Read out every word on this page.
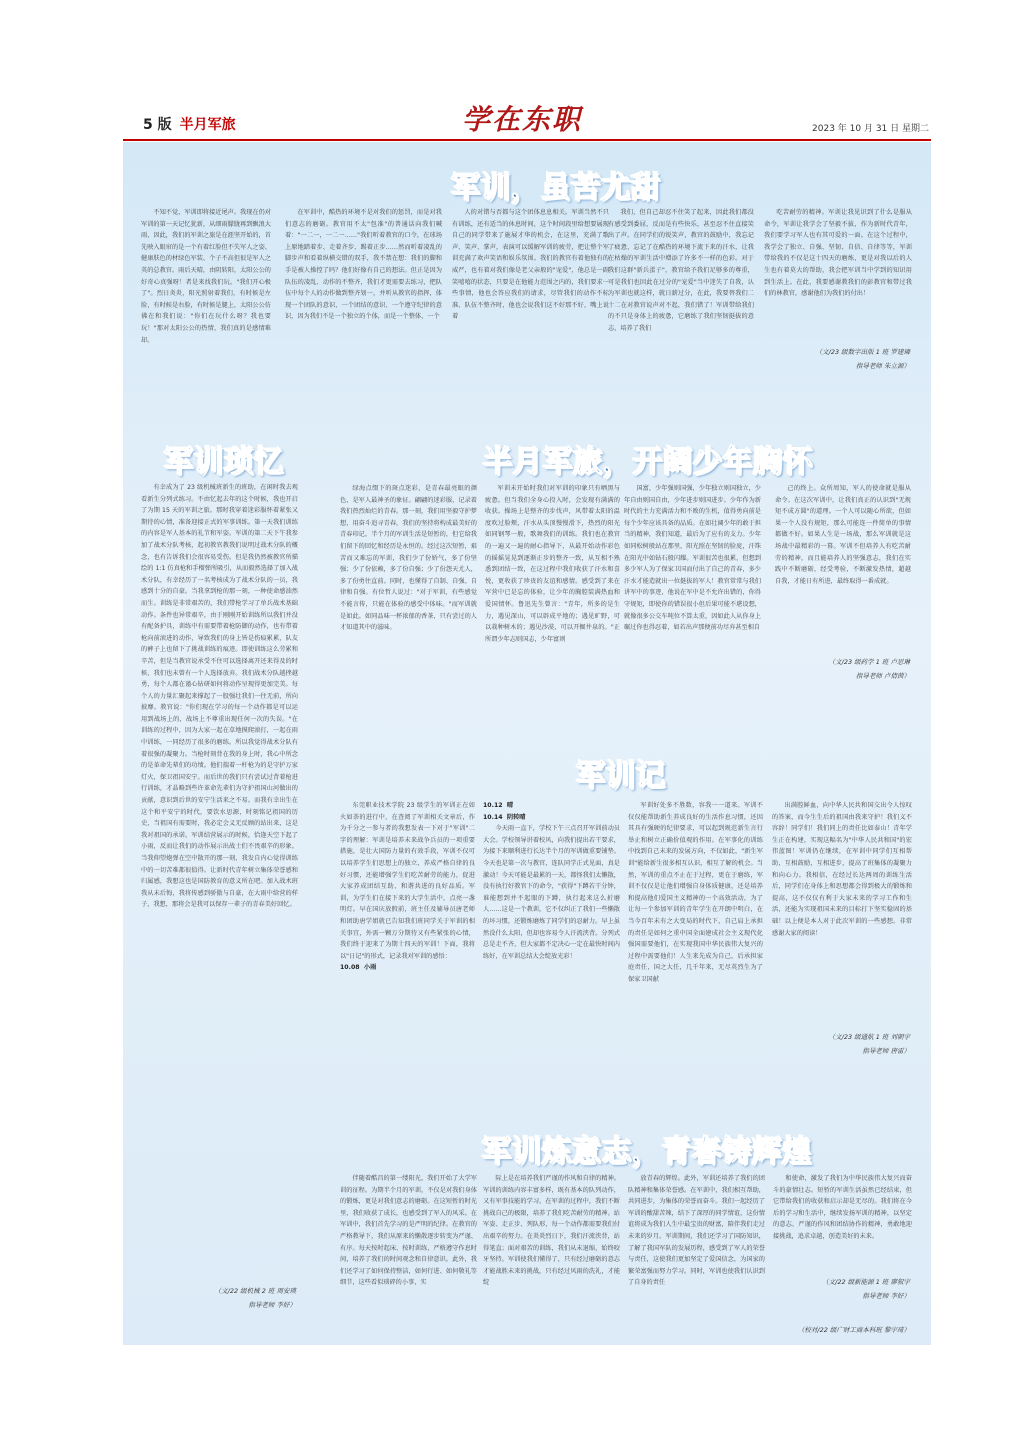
5 版 半月军旅	学在东职	2023 年 10 月 31 日 星期二
军训，虽苦尤甜

不知不觉，军训即将接近尾声。我现在仍对军训的第一天记忆犹新，从细雨朦胧再到飘浪大雨，因此，我们的军训之旅是在涯坚开始的，首先映入眼帘的是一个有着红脸但不失军人之姿、健康肤色的材绿色军装、个子不高但很是军人之英的总教官。雨后天晴，由阴转阳，太阳公公的好奇心真强呀！者是来找我们玩。"我们开心极了"。烈日炎炎，阳光照射着我们，有时候是左脸，有时候是右脸，有时候是腿上，太阳公公仿佛在和我们说："你们在玩什么呀？我也要玩！"那对太阳公公的热情，我们真的是感情难却。

在军训中，酷热的环境不是对我们的惩罚，而是对我们意志的磨砺。教官用不太"包准"的普通话向我们喊着："一二一，一二一……"我们听着教官的口令，在球场上原地踏着步、走着齐步、踢着正步……然而听着凌乱的脚步声和看着纵横交错的双手，我不禁在想：我们的脚和手是被人操控了吗？他们好像有自己的想法。但正是因为队伍的凌乱、动作的不整齐，我们才更需要去练习，把队伍中每个人的动作做到整齐划一，并听从教官的指挥，体现一个团队的意识、一个团结的意识、一个遵守纪律的意识，因为我们不是一个独立的个体，而是一个整体，一个

人的对错与否都与这个团体息息相关。军训当然不只有训练，还有适当的休息时间，这个时间段里给想要展现自己的同学带来了施展才华的机会，在这里，充满了歌声、笑声、掌声，表演可以缓解军训的疲劳，把让整个军训充满了欢声笑语和娱乐氛围。我们的教官有着他独有的威严，也有着对我们像是老父亲般的"宠爱"，他总是一副笑嘻嘻的状态，只要是在他能力范围之内的，我们要求一些事情，他也会答应我们的请求，尽管我们的动作不标准、队伍不整齐时，他也会说我们这不好那不好，嘴上说着

我们，但自己却忍不住笑了起来，因此我们都没有感受到委屈，反而是有些快乐，甚至忍不住直接笑出了声。在同学们的锐笑声，教官的鼓励中，我忘记了疲惫，忘记了在酷热的环境下流下来的汗水，让我在枯燥的军训生活中增添了许多不一样的色彩。对于我们这群"新兵蛋子"，教官给予我们足够多的尊重，可是我们也因此在过分的"宠爱"当中迷失了自我，认为军训也就这样，就日薪过分，在此，我要替我们二十二在对教官说声对不起，我们错了！军训带给我们的不只是身体上的疲惫，它磨练了我们坚韧挺拔的意志，培养了我们

吃苦耐劳的精神。军训让我见识到了什么是服从命令，军训让我学会了坚毅不拔，作为新时代青年，我们要学习军人也有其可爱的一面。在这个过程中，我学会了独立、自强、坚韧、自信、自律等等，军训带给我的不仅是这十四天的磨炼，更是对我以后的人生也有着莫大的帮助，我会把军训当中学到的知识用到生活上。在此，我要感谢教我们的彭教官和带过我们的林教官，感谢他们为我们的付出！

（文/23 级数字出版 1 班 罗建璘
指导老师 朱立源）
军训琐忆

有幸成为了 23 级机械班新生的班助，在闲时我去观看新生分列式练习。不由忆起去年的这个时候，我也开启了为期 15 天的军训之旅。那时我穿着迷彩服怀着紧张又期待的心情，准备迎接正式的军事训练。第一天我们训练的内容是军人基本的礼节和军姿。军训的第二天下午我参加了战术分队考核，起初教官教我们说明过战术分队的概念，也有告诉我们会很容易受伤。但是我仍然被教官所描绘的 1:1 仿真枪和手榴弹所吸引，从而毅然选择了加入战术分队，有幸经历了一名考核成为了战术分队的一员，我感到十分的自豪。当我拿到枪的那一刻，一种使命感油然而生。训练是非常艰苦的，我们带枪学习了单兵战术基础动作。条件也异常艰辛，由于刚刚开始训练所以我们并没有配备护具，训练中有需要带着枪防御的动作，也有带着枪向前滚进的动作，导致我们的身上皆是伤痕累累，队友的裤子上也留下了挑战训练的痕迹。即使训练这么劳累和辛苦，但是当教官说承受不住可以选择离开还来得及的时候，我们也未曾有一个人选择放弃。我们战术分队越挫越勇，每个人都在谨心钻研如何将动作呈现得更加完美。每个人的力量汇聚起来撑起了一股强壮我们一往无前，所向披靡。教官说："你们现在学习的每一个动作都是可以运用到战场上的，战场上不尊重出现任何一次的失误。"在训练的过程中，因为大家一起在草地摸爬滚打，一起在雨中训练，一同经历了很多的磨练。所以我觉得战术分队有着很强的凝聚力。当枪时刻背在我的身上时，我心中所念的是革命先辈们的功绩。他们揣着一杆枪为的是守护万家灯火，保卫祖国安宁。而后世的我们只有尝试过背着枪进行训练，才晶略到些许革命先辈们为守护祖国山河做出的贡献，意识到后世的安宁生活来之不易。而我有幸出生在这个和平安宁的时代，要饮水思源，时刻铭记祖国的历史，当祖国有需要时，我必定会义无反顾的站出来，这是我对祖国的承诺。军训结营展示的时候，恰逢天空下起了小雨，反而让我们的动作展示出战士们不畏艰辛的形象。当我仰望炮弹在空中散开的那一刻，我发自内心觉得训练中的一切苦难都很值得。让新时代青年树立集体荣誉感和归属感，我想这也是国防教育的意义所在吧。加入战术班我从未后悔，我将传感到骄傲与自豪，在大雨中给营的样子，我想，那将会是我可以保存一辈子的青春美好回忆。

（文/22 级机械 2 班 周安瑛
指导老师 李好）
半月军旅，开阔少年胸怀

绿海点缀下的斑点迷彩，是青春最亮眼的颜色，是军人最神圣的象征。翩翩的迷彩服，记录着我们热烈灿烂的青春。那一刻，我们用坚毅守护梦想，用奋斗追寻青春，我们的坚持将构成最美好的青春印记。半个月的军训生活是短暂的，但它给我们留下的回忆和经历是永恒的。经过这次短暂，艰苦而又难忘的军训，我们少了份娇气，多了份坚强；少了份依赖，多了份自强；少了份怨天尤人，多了份勇往直前。同时，也懂得了自制、自强、自律和自强。有位哲人说过："对于军训，有些感觉不能言传，只能在体验的感受中体味。"而军训就是如此。如同品味一杯浓郁的香茶，只有尝过的人才知道其中的滋味。

军训未开始时我们对军训的印象只有晒黑与疲惫。但当我们全身心投入时，会发现有满满的收获。操场上是整齐的步伐声，风带着太阳的温度吹过脸颊，汗水从头顶慢慢滑下，热烈的阳光如同钢琴一般，歌舞我们的训练。我们也在教官的一遍又一遍的耐心指导下，从最开始动作彩色的摇摇晃晃到逐渐正步的整齐一致，从互相不熟悉到团结一致，在这过程中我们收获了汗水和喜悦，更收获了珍贵的友谊和感情。感受到了来在军营中已是忘的体验，让少年的胸腔装满热血和爱国情怀。鲁迅先生曾言："青年，所多的是生力，遇见深山，可以辟成平地的；遇见旷野，可以栽种树木的；遇见沙漠，可以开掘井泉的。"正所谓少年志则国志，少年富则

国富，少年强则国强，少年独立则国独立，少年自由则国自由，少年进步则国进步。少年作为新时代的主力充满活力和不败的生机，值得勇向前是每个少年应该具备的品质。在如壮阔少年的敢于担当的精神，我们知道，最后为了应有的支力。少年如同松树般站在那里，阳光照在坚韧的脸庞，汗珠在阳光中如钻石般闪耀。军训很苦也很累，但想到多少军人为了保家卫国而付出了自己的青春，多少汗水才能造就出一位挺拔的军人！教官常常与我们讲军中的事迹，他说在军中是不允许出错的，你得守规矩，即使你的错误很小但后果可能不堪设想，就像很多公交车吨位不算太重，因如此人从你身上碾过你也得忍着，如若出声那便前功尽弃甚至相自

己的终上。众所周知，军人的使命就是服从命令。在这次军训中，让我们真正的认识到"无规矩不成方圆"的道理。一个人可以随心所欲，但如果一个人没有规矩，那么可能连一件简单的事情都做不好。如果人生是一场战，那么军训就是这场战中最精彩的一幕。军训不但培养人有吃苦耐劳的精神，而且能培养人的坚强意志，我们在实践中不断磨砺，经受考验，不断激发热情，超越自我，才能日有所进，最终取得一番成就。

（文/23 级药学 1 班 卢思琳
指导老师 卢倩茵）
军训记

东莞职业技术学院 23 级学生的军训正在如火如荼的进行中，在查阅了军训相关文章后，作为千分之一参与者的我想发表一下对于"军训"二字的理解：军训是培养未来战争兵员的一项重要措施，是壮大国防力量的有效手段，军训不仅可以培养学生们思想上的独立，养成严格自律的良好习惯，还能增强学生们吃苦耐劳的能力，促进大家养成团结互助、和谐共进的良好品质。军训，为学生们在接下来的大学生活中，点亮一盏明灯。早在国庆放假前，班主任及辅导员唐老师和团助唐学姐就已告知我们班同学关于军训的相关事宜，外需一颗万分期待又有些紧张的心情，我们终于迎来了为期十四天的军训！下面，我将以"日记"的形式，记录我对军训的感悟：

10.08 小雨
10.12 晴
10.14 阴转晴

今天雨一直下，学校下午三点召开军训前动员大会。学校领导讲着校风，向我们提出若干要求，为接下来顺利进行长达半个月的军训做重要铺垫。今天也是第一次与教官，连队同学正式见面，真是激动！今天可能是最累的一天，都怪我们太懒散，没有执行好教官下的命令，"获得"下蹲若干分钟，谁能想到并不起眼的下蹲，执行起来这么折磨人……这是一个教训，它不仅纠正了我们一些懒散的坏习惯，还锻炼磨炼了同学们的忍耐力。早上虽然没什么太阳，但却也容易令人汗流浃背。分列式总是走不齐，但大家都不定决心一定在最快时间内练好，在军训总结大会绽放光彩！

军训好处多不胜数，容我一一道来。军训不仅仅能帮助新生养成良好的生活作息习惯，还因其具有强硬的纪律要求，可以起到规范新生言行举止和树立正确价值观的作用。在军事化的训练中找到自己未来的发展方向，不仅如此，"新生军训"能给新生很多相互认识，相互了解的机会。当然，军训的重点不止在于过程，更在于磨练，军训不仅仅是让他们增强自身体质健康，还是培养和提高他们爱国主义精神的一个高效活动，为了让每一个参加军训的青年学生在开朗中明白，在当今百年未有之大变局的时代下，自己肩上承担的责任是如何之重中国全面建成社会主义现代化强国需要他们，在实现我国中华民族伟大复兴的过程中需要他们！人生来先成为自己，后承担家庭责任，国之大任，几千年来，无尽英烈生为了保家卫国献

出满腔鲜血，向中华人民共和国交出令人惊叹的答案，而今生生后的祖国由我来守护！我们义不容辞！同学们！我们同上的责任比如泰山！青年学生正在构建，实现这幅名为"中华人民共和国"的宏伟蓝图！军训仍在继续，在军训中同学们互相帮助，互相鼓励，互相进步，提高了班集体的凝聚力和向心力。我相信，在经过长达两周的训练生活后，同学们在身体上和思想都会得到极大的锻炼和提高，这不仅仅有利于大家未来的学习工作和生活，还能为实现祖国未来的目标打下坚实稳固的基础！以上便是本人对于此次军训的一些感想。非常感谢大家的阅读！

（文/23 级通航 1 班 刘朝宇
指导老师 唐雷）
军训炼意志，青春铸辉煌

伴随着酷昌的第一缕阳光，我们开始了大学军训的征程。为期半个月的军训，不仅是对我们身体的锻炼，更是对我们意志的磨砺。在这短暂的时光里，我们收获了成长，也感受到了军人的风采。在军训中，我们首先学习的是严明的纪律。在教官的严格教导下，我们从原来的懒散逐步转变为严谨、有序。每天按时起床、按时训练，严格遵守作息时间，培养了我们的时间观念和自律意识。此外，我们还学习了如何保持整洁，如何行进、如何敬礼等细节，这些看似琐碎的小事，实

际上是在培养我们严谨的作风和自律的精神。军训的训练内容丰富多样，既有基本的队列动作，又有军事技能的学习。在军训的过程中，我们不断挑战自己的极限，培养了我们吃苦耐劳的精神。站军姿、走正步、列队形，每一个动作都需要我们付出艰辛的努力。在炎炎烈日下，我们汗流浃背，站得笔直；面对艰苦的训练，我们从未退缩，始终咬牙坚持。军训使我们懂得了，只有经过磨砺的意志才能战胜未来的挑战，只有经过风雨的洗礼，才能绽

放青春的辉煌。此外，军训还培养了我们的团队精神和集体荣誉感。在军训中，我们相互帮助，共同进步，为集体的荣誉而奋斗。我们一起经历了军训的酸甜苦辣，结下了深厚的同学情谊，这份情谊将成为我们人生中最宝贵的财富，陪伴我们走过未来的岁月。军训期间，我们还学习了国防知识，了解了我国军队的发展历程，感受到了军人的荣誉与责任，这使我们更加坚定了爱国信念，为国家的繁荣富强而努力学习。同时，军训也使我们认识到了自身的责任

和使命，激发了我们为中华民族伟大复兴而奋斗的豪情壮志。短暂的军训生活虽然已经结束，但它带给我们的收获和启示却是无尽的。我们将在今后的学习和生活中，继续发扬军训的精神，以坚定的意志，严谨的作风和团结协作的精神，勇敢地迎接挑战，追求卓越，创造美好的未来。

（文/22 级新能源 1 班 廖叙宇
指导老师 李好）
（校对/22 级广财工商本科班 黎宇琦）
